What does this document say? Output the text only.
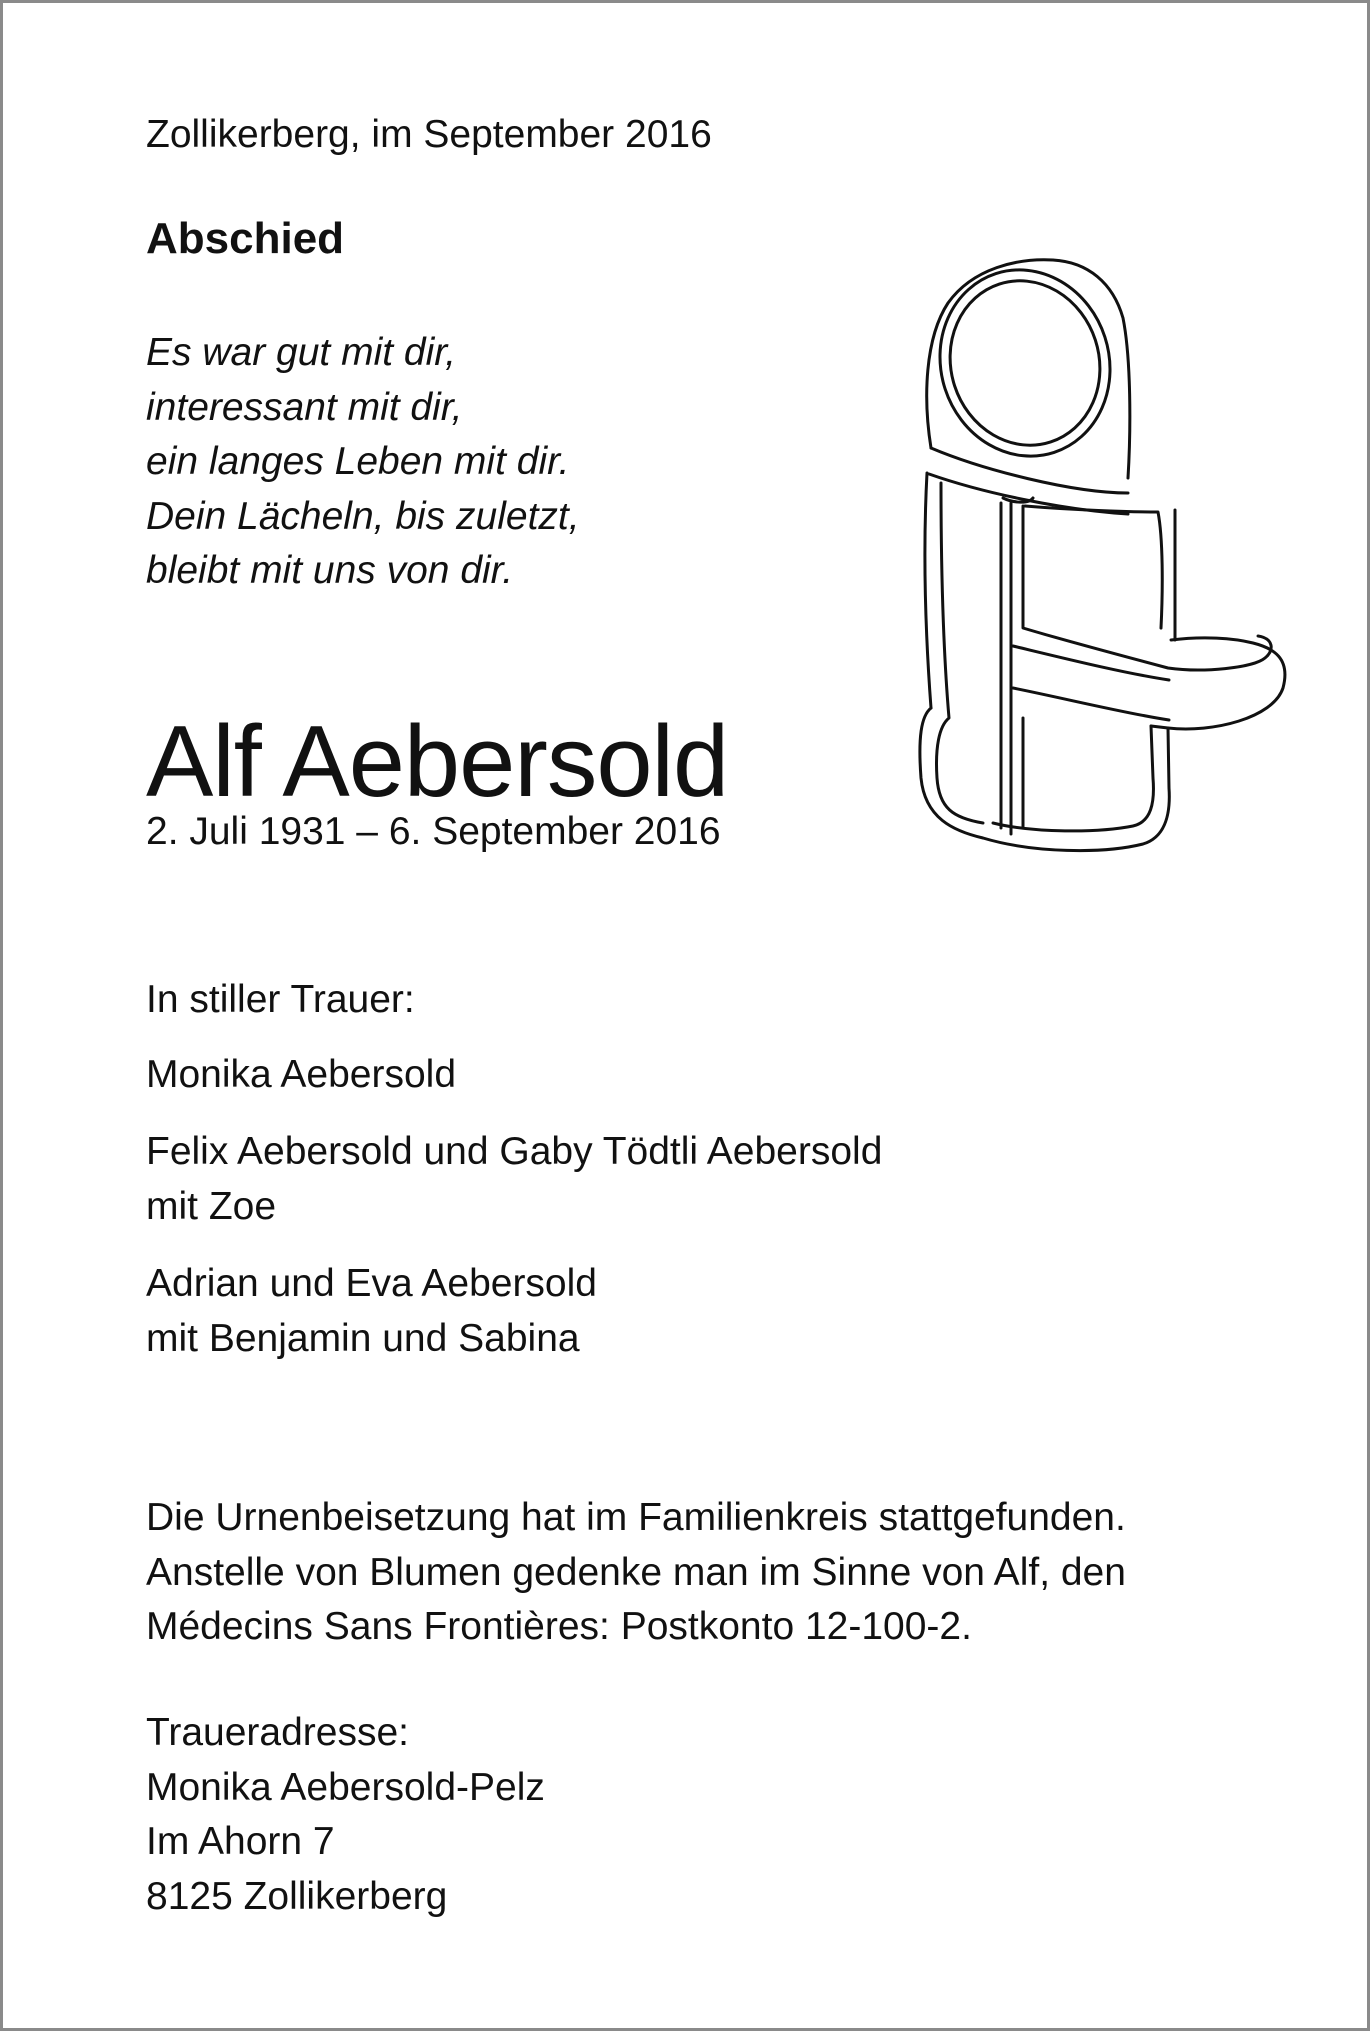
Zollikerberg, im September 2016

Abschied
Es war gut mit dir,
interessant mit dir,
ein langes Leben mit dir.
Dein Lächeln, bis zuletzt,
bleibt mit uns von dir.
Alf Aebersold
2. Juli 1931 – 6. September 2016
In stiller Trauer:
Monika Aebersold
Felix Aebersold und Gaby Tödtli Aebersold
mit Zoe
Adrian und Eva Aebersold
mit Benjamin und Sabina
Die Urnenbeisetzung hat im Familienkreis stattgefunden.
Anstelle von Blumen gedenke man im Sinne von Alf, den
Médecins Sans Frontières: Postkonto 12-100-2.
Traueradresse:
Monika Aebersold-Pelz
Im Ahorn 7
8125 Zollikerberg
